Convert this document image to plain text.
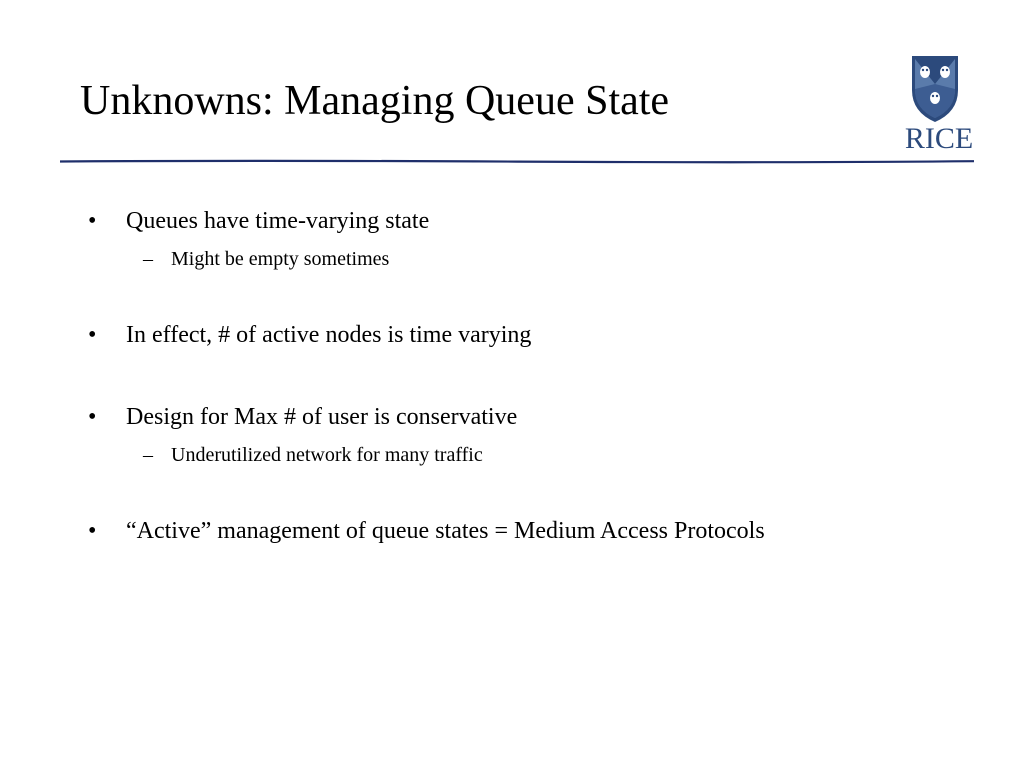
Unknowns: Managing Queue State
RICE
• Queues have time-varying state
– Might be empty sometimes
• In effect, # of active nodes is time varying
• Design for Max # of user is conservative
– Underutilized network for many traffic
• “Active” management of queue states = Medium Access Protocols
